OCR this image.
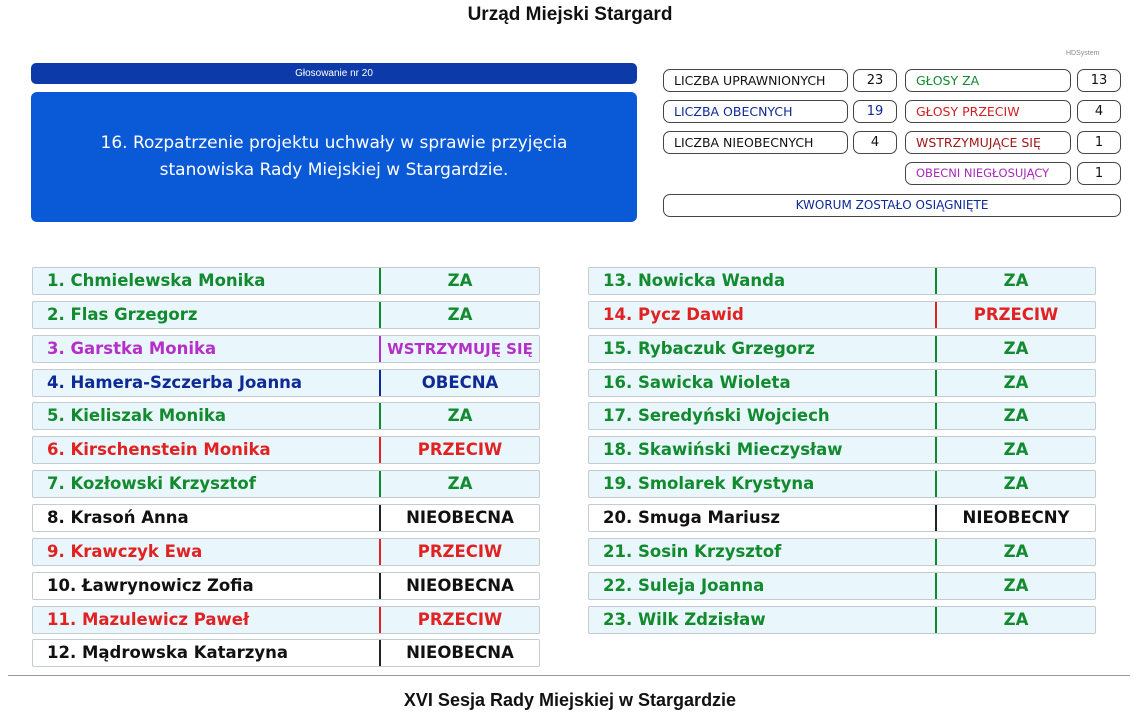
Urząd Miejski Stargard
HDSystem
Głosowanie nr 20
16. Rozpatrzenie projektu uchwały w sprawie przyjęcia stanowiska Rady Miejskiej w Stargardzie.
LICZBA UPRAWNIONYCH	23
LICZBA OBECNYCH	19
LICZBA NIEOBECNYCH	4
GŁOSY ZA	13
GŁOSY PRZECIW	4
WSTRZYMUJĄCE SIĘ	1
OBECNI NIEGŁOSUJĄCY	1
KWORUM ZOSTAŁO OSIĄGNIĘTE
1. Chmielewska Monika	ZA
2. Flas Grzegorz	ZA
3. Garstka Monika	WSTRZYMUJĘ SIĘ
4. Hamera-Szczerba Joanna	OBECNA
5. Kieliszak Monika	ZA
6. Kirschenstein Monika	PRZECIW
7. Kozłowski Krzysztof	ZA
8. Krasoń Anna	NIEOBECNA
9. Krawczyk Ewa	PRZECIW
10. Ławrynowicz Zofia	NIEOBECNA
11. Mazulewicz Paweł	PRZECIW
12. Mądrowska Katarzyna	NIEOBECNA
13. Nowicka Wanda	ZA
14. Pycz Dawid	PRZECIW
15. Rybaczuk Grzegorz	ZA
16. Sawicka Wioleta	ZA
17. Seredyński Wojciech	ZA
18. Skawiński Mieczysław	ZA
19. Smolarek Krystyna	ZA
20. Smuga Mariusz	NIEOBECNY
21. Sosin Krzysztof	ZA
22. Suleja Joanna	ZA
23. Wilk Zdzisław	ZA
XVI Sesja Rady Miejskiej w Stargardzie
